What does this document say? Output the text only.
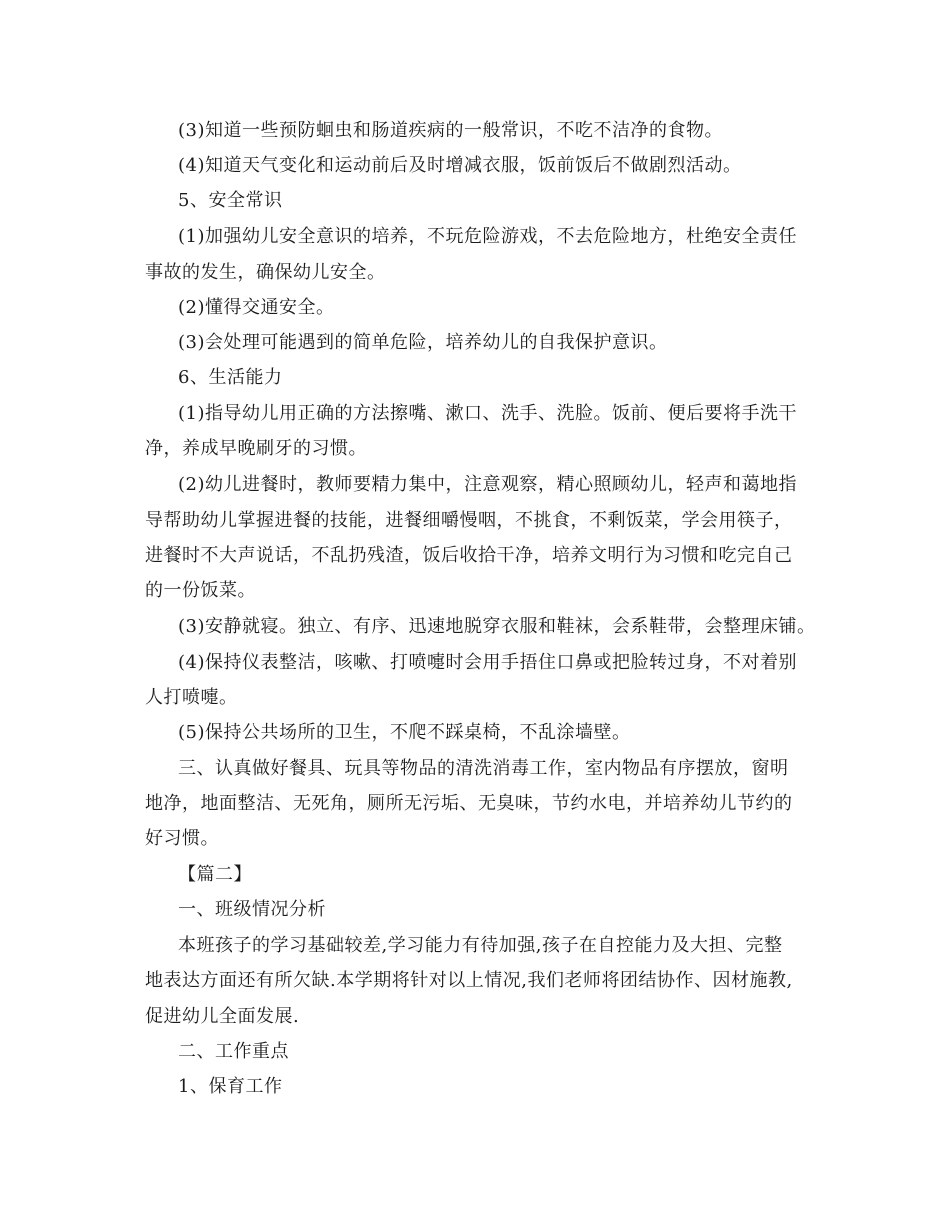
(3)知道一些预防蛔虫和肠道疾病的一般常识，不吃不洁净的食物。
(4)知道天气变化和运动前后及时增减衣服，饭前饭后不做剧烈活动。
5、安全常识
(1)加强幼儿安全意识的培养，不玩危险游戏，不去危险地方，杜绝安全责任
事故的发生，确保幼儿安全。
(2)懂得交通安全。
(3)会处理可能遇到的简单危险，培养幼儿的自我保护意识。
6、生活能力
(1)指导幼儿用正确的方法擦嘴、漱口、洗手、洗脸。饭前、便后要将手洗干
净，养成早晚刷牙的习惯。
(2)幼儿进餐时，教师要精力集中，注意观察，精心照顾幼儿，轻声和蔼地指
导帮助幼儿掌握进餐的技能，进餐细嚼慢咽，不挑食，不剩饭菜，学会用筷子，
进餐时不大声说话，不乱扔残渣，饭后收拾干净，培养文明行为习惯和吃完自己
的一份饭菜。
(3)安静就寝。独立、有序、迅速地脱穿衣服和鞋袜，会系鞋带，会整理床铺。
(4)保持仪表整洁，咳嗽、打喷嚏时会用手捂住口鼻或把脸转过身，不对着别
人打喷嚏。
(5)保持公共场所的卫生，不爬不踩桌椅，不乱涂墙壁。
三、认真做好餐具、玩具等物品的清洗消毒工作，室内物品有序摆放，窗明
地净，地面整洁、无死角，厕所无污垢、无臭味，节约水电，并培养幼儿节约的
好习惯。
【篇二】
一、班级情况分析
本班孩子的学习基础较差,学习能力有待加强,孩子在自控能力及大担、完整
地表达方面还有所欠缺.本学期将针对以上情况,我们老师将团结协作、因材施教,
促进幼儿全面发展.
二、工作重点
1、保育工作
